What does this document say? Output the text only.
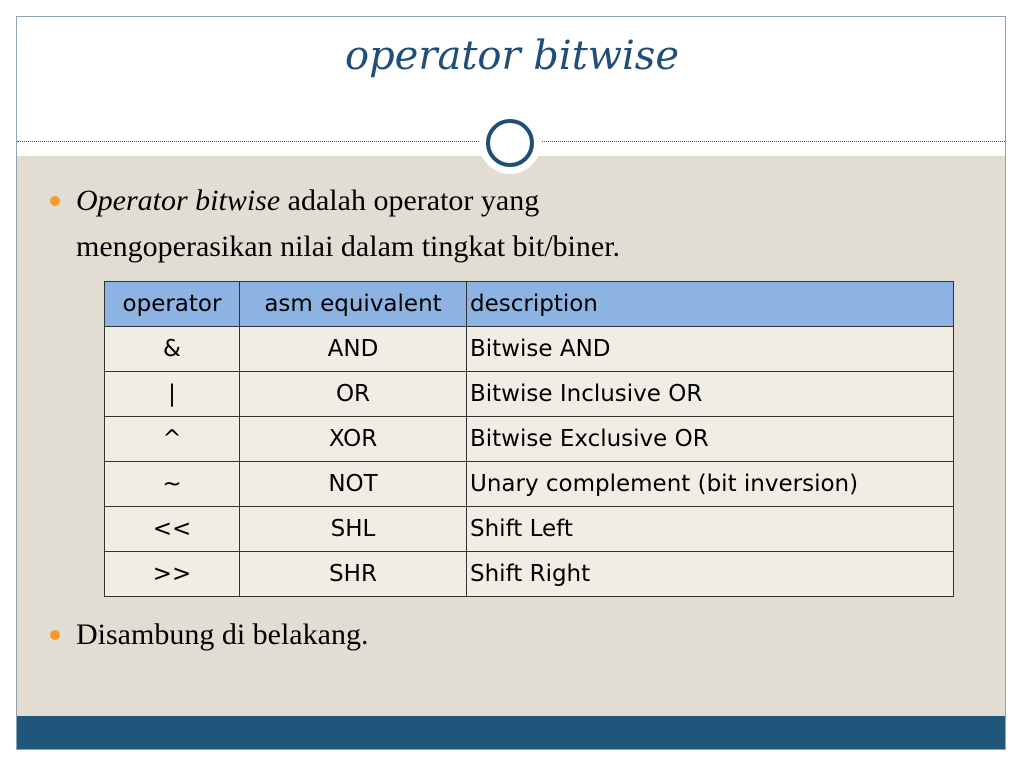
operator bitwise
Operator bitwise adalah operator yang
mengoperasikan nilai dalam tingkat bit/biner.
operator	asm equivalent	description
&	AND	Bitwise AND
|	OR	Bitwise Inclusive OR
^	XOR	Bitwise Exclusive OR
~	NOT	Unary complement (bit inversion)
<<	SHL	Shift Left
>>	SHR	Shift Right
Disambung di belakang.
